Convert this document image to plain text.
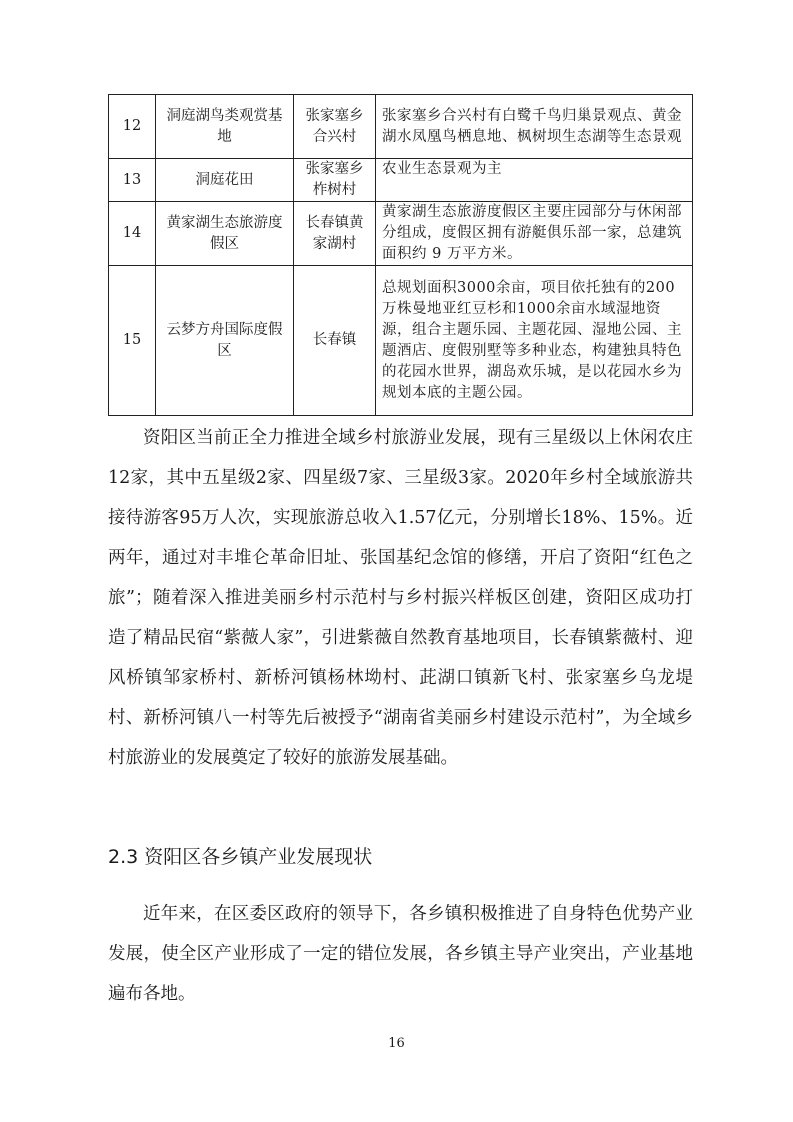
12	洞庭湖鸟类观赏基地	张家塞乡合兴村	张家塞乡合兴村有白鹭千鸟归巢景观点、黄金湖水凤凰鸟栖息地、枫树坝生态湖等生态景观
13	洞庭花田	张家塞乡柞树村	农业生态景观为主
14	黄家湖生态旅游度假区	长春镇黄家湖村	黄家湖生态旅游度假区主要庄园部分与休闲部分组成，度假区拥有游艇俱乐部一家，总建筑面积约 9 万平方米。
15	云梦方舟国际度假区	长春镇	总规划面积3000余亩，项目依托独有的200万株曼地亚红豆杉和1000余亩水域湿地资源，组合主题乐园、主题花园、湿地公园、主题酒店、度假别墅等多种业态，构建独具特色的花园水世界，湖岛欢乐城，是以花园水乡为规划本底的主题公园。

资阳区当前正全力推进全域乡村旅游业发展，现有三星级以上休闲农庄12家，其中五星级2家、四星级7家、三星级3家。2020年乡村全域旅游共接待游客95万人次，实现旅游总收入1.57亿元，分别增长18%、15%。近两年，通过对丰堆仑革命旧址、张国基纪念馆的修缮，开启了资阳“红色之旅”；随着深入推进美丽乡村示范村与乡村振兴样板区创建，资阳区成功打造了精品民宿“紫薇人家”，引进紫薇自然教育基地项目，长春镇紫薇村、迎风桥镇邹家桥村、新桥河镇杨林坳村、茈湖口镇新飞村、张家塞乡乌龙堤村、新桥河镇八一村等先后被授予“湖南省美丽乡村建设示范村”，为全域乡村旅游业的发展奠定了较好的旅游发展基础。

2.3 资阳区各乡镇产业发展现状

近年来，在区委区政府的领导下，各乡镇积极推进了自身特色优势产业发展，使全区产业形成了一定的错位发展，各乡镇主导产业突出，产业基地遍布各地。

16
